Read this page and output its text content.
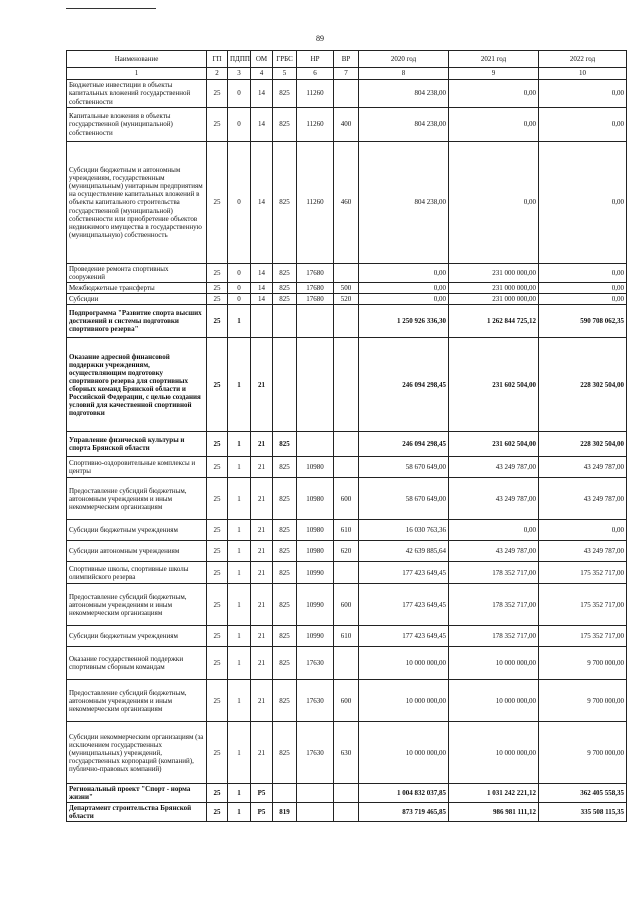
89
Наименование	ГП	ПДПП	ОМ	ГРБС	НР	ВР	2020 год	2021 год	2022 год
1	2	3	4	5	6	7	8	9	10
Бюджетные инвестиции в объекты капитальных вложений государственной собственности	25	0	14	825	11260		804 238,00	0,00	0,00
Капитальные вложения в объекты государственной (муниципальной) собственности	25	0	14	825	11260	400	804 238,00	0,00	0,00
Субсидии бюджетным и автономным учреждениям, государственным (муниципальным) унитарным предприятиям на осуществление капитальных вложений в объекты капитального строительства государственной (муниципальной) собственности или приобретение объектов недвижимого имущества в государственную (муниципальную) собственность	25	0	14	825	11260	460	804 238,00	0,00	0,00
Проведение ремонта спортивных сооружений	25	0	14	825	17680		0,00	231 000 000,00	0,00
Межбюджетные трансферты	25	0	14	825	17680	500	0,00	231 000 000,00	0,00
Субсидии	25	0	14	825	17680	520	0,00	231 000 000,00	0,00
Подпрограмма "Развитие спорта высших достижений и системы подготовки спортивного резерва"	25	1					1 250 926 336,30	1 262 844 725,12	590 708 062,35
Оказание адресной финансовой поддержки учреждениям, осуществляющим подготовку спортивного резерва для спортивных сборных команд Брянской области и Российской Федерации, с целью создания условий для качественной спортивной подготовки	25	1	21				246 094 298,45	231 602 504,00	228 302 504,00
Управление физической культуры и спорта Брянской области	25	1	21	825			246 094 298,45	231 602 504,00	228 302 504,00
Спортивно-оздоровительные комплексы и центры	25	1	21	825	10980		58 670 649,00	43 249 787,00	43 249 787,00
Предоставление субсидий бюджетным, автономным учреждениям и иным некоммерческим организациям	25	1	21	825	10980	600	58 670 649,00	43 249 787,00	43 249 787,00
Субсидии бюджетным учреждениям	25	1	21	825	10980	610	16 030 763,36	0,00	0,00
Субсидии автономным учреждениям	25	1	21	825	10980	620	42 639 885,64	43 249 787,00	43 249 787,00
Спортивные школы, спортивные школы олимпийского резерва	25	1	21	825	10990		177 423 649,45	178 352 717,00	175 352 717,00
Предоставление субсидий бюджетным, автономным учреждениям и иным некоммерческим организациям	25	1	21	825	10990	600	177 423 649,45	178 352 717,00	175 352 717,00
Субсидии бюджетным учреждениям	25	1	21	825	10990	610	177 423 649,45	178 352 717,00	175 352 717,00
Оказание государственной поддержки спортивным сборным командам	25	1	21	825	17630		10 000 000,00	10 000 000,00	9 700 000,00
Предоставление субсидий бюджетным, автономным учреждениям и иным некоммерческим организациям	25	1	21	825	17630	600	10 000 000,00	10 000 000,00	9 700 000,00
Субсидии некоммерческим организациям (за исключением государственных (муниципальных) учреждений, государственных корпораций (компаний), публично-правовых компаний)	25	1	21	825	17630	630	10 000 000,00	10 000 000,00	9 700 000,00
Региональный проект "Спорт - норма жизни"	25	1	P5				1 004 832 037,85	1 031 242 221,12	362 405 558,35
Департамент строительства Брянской области	25	1	P5	819			873 719 465,85	986 981 111,12	335 508 115,35
